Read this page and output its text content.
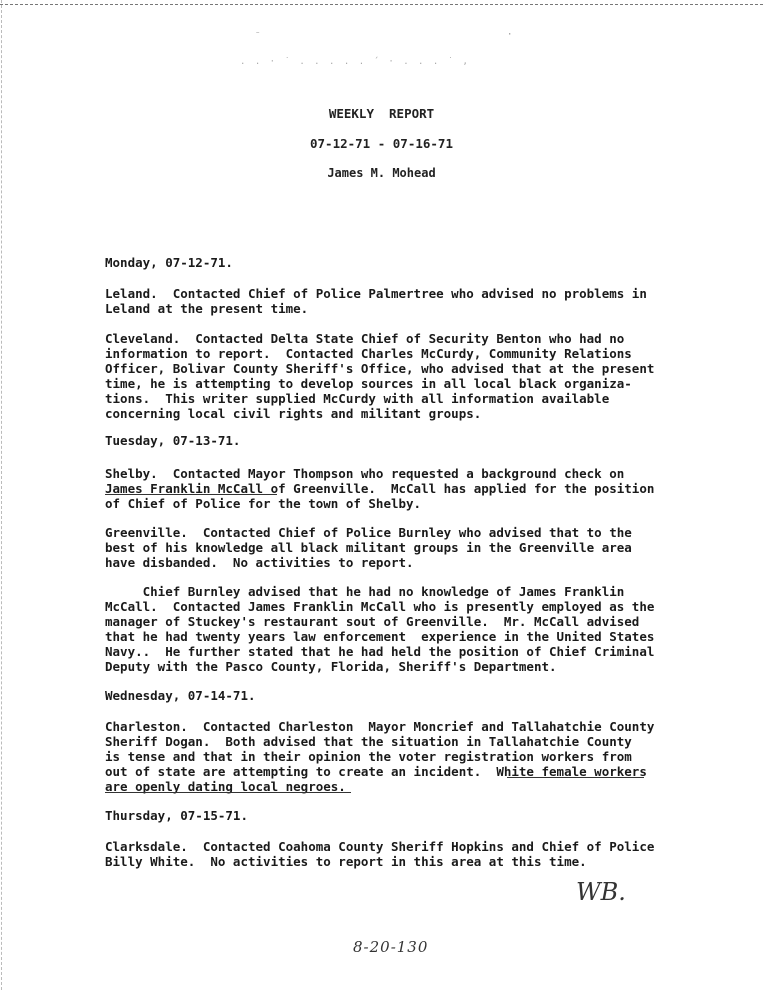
⁻	·
. . · ˙ . . . . . ´ · . . . ˙ ,
WEEKLY  REPORT
07-12-71 - 07-16-71
James M. Mohead
Monday, 07-12-71.
Leland.  Contacted Chief of Police Palmertree who advised no problems in
Leland at the present time.
Cleveland.  Contacted Delta State Chief of Security Benton who had no
information to report.  Contacted Charles McCurdy, Community Relations
Officer, Bolivar County Sheriff's Office, who advised that at the present
time, he is attempting to develop sources in all local black organiza-
tions.  This writer supplied McCurdy with all information available
concerning local civil rights and militant groups.
Tuesday, 07-13-71.
Shelby.  Contacted Mayor Thompson who requested a background check on
James Franklin McCall of Greenville.  McCall has applied for the position
of Chief of Police for the town of Shelby.
Greenville.  Contacted Chief of Police Burnley who advised that to the
best of his knowledge all black militant groups in the Greenville area
have disbanded.  No activities to report.
Chief Burnley advised that he had no knowledge of James Franklin
McCall.  Contacted James Franklin McCall who is presently employed as the
manager of Stuckey's restaurant sout of Greenville.  Mr. McCall advised
that he had twenty years law enforcement  experience in the United States
Navy..  He further stated that he had held the position of Chief Criminal
Deputy with the Pasco County, Florida, Sheriff's Department.
Wednesday, 07-14-71.
Charleston.  Contacted Charleston  Mayor Moncrief and Tallahatchie County
Sheriff Dogan.  Both advised that the situation in Tallahatchie County
is tense and that in their opinion the voter registration workers from
out of state are attempting to create an incident.  White female workers
are openly dating local negroes.
Thursday, 07-15-71.
Clarksdale.  Contacted Coahoma County Sheriff Hopkins and Chief of Police
Billy White.  No activities to report in this area at this time.
WB.
8-20-130
